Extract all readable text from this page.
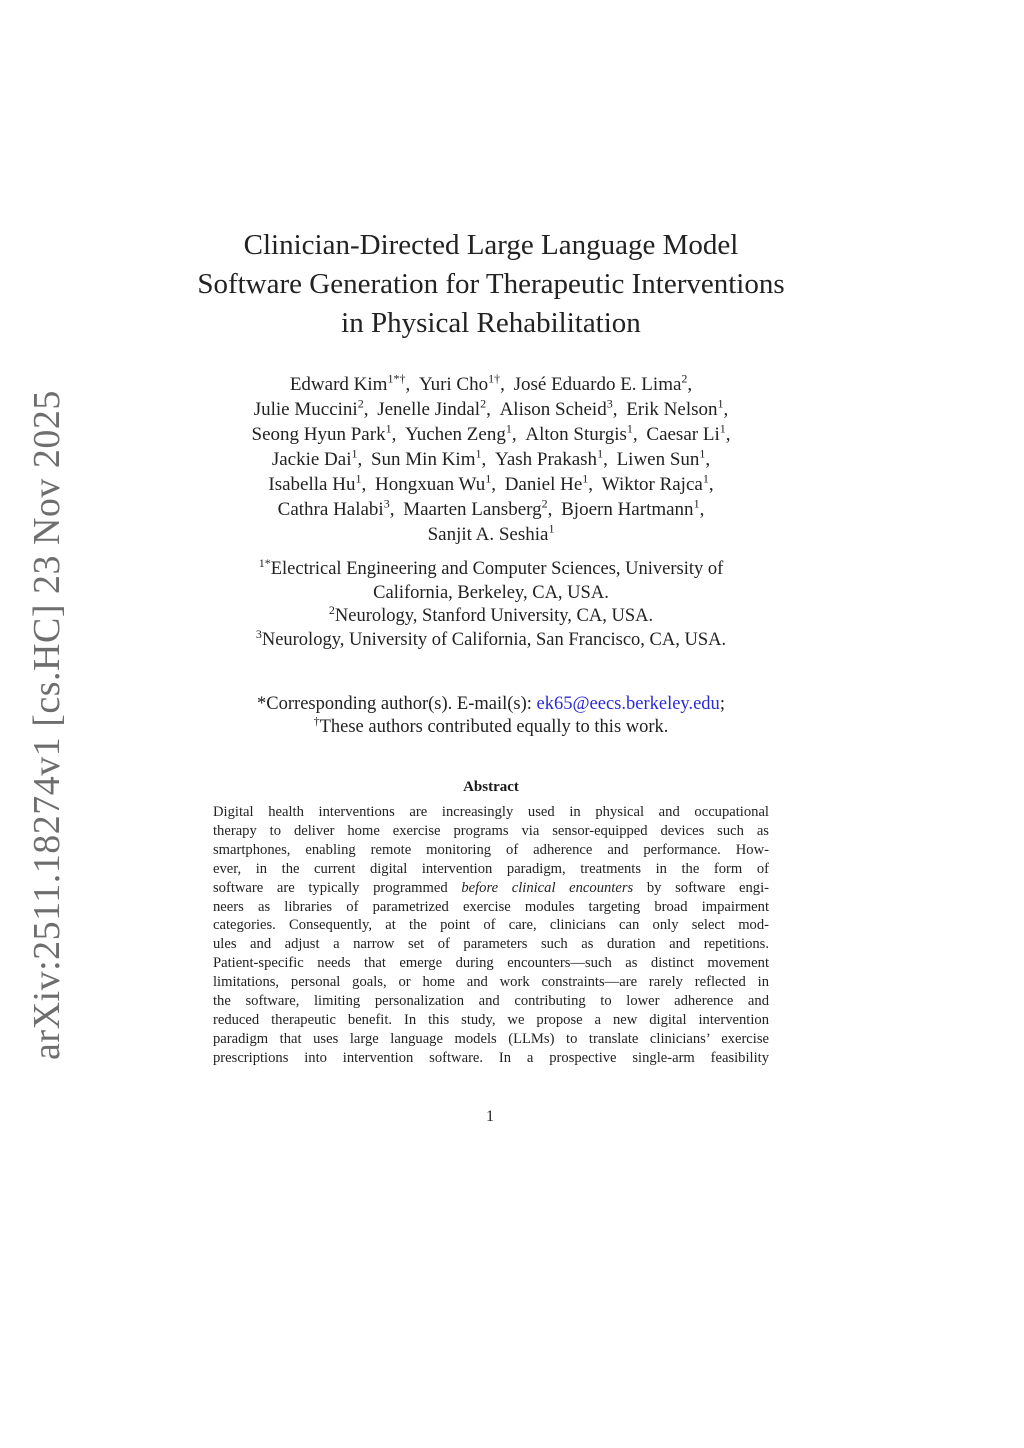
arXiv:2511.18274v1 [cs.HC] 23 Nov 2025
Clinician-Directed Large Language Model
Software Generation for Therapeutic Interventions
in Physical Rehabilitation
Edward Kim$^{1*\dagger}$, Yuri Cho$^{1\dagger}$, José Eduardo E. Lima$^2$,
Julie Muccini$^2$, Jenelle Jindal$^2$, Alison Scheid$^3$, Erik Nelson$^1$,
Seong Hyun Park$^1$, Yuchen Zeng$^1$, Alton Sturgis$^1$, Caesar Li$^1$,
Jackie Dai$^1$, Sun Min Kim$^1$, Yash Prakash$^1$, Liwen Sun$^1$,
Isabella Hu$^1$, Hongxuan Wu$^1$, Daniel He$^1$, Wiktor Rajca$^1$,
Cathra Halabi$^3$, Maarten Lansberg$^2$, Bjoern Hartmann$^1$,
Sanjit A. Seshia$^1$
$^{1*}$Electrical Engineering and Computer Sciences, University of
California, Berkeley, CA, USA.
$^2$Neurology, Stanford University, CA, USA.
$^3$Neurology, University of California, San Francisco, CA, USA.
*Corresponding author(s). E-mail(s): ek65@eecs.berkeley.edu;
†These authors contributed equally to this work.
Abstract
Digital health interventions are increasingly used in physical and occupational
therapy to deliver home exercise programs via sensor-equipped devices such as
smartphones, enabling remote monitoring of adherence and performance. How-
ever, in the current digital intervention paradigm, treatments in the form of
software are typically programmed before clinical encounters by software engi-
neers as libraries of parametrized exercise modules targeting broad impairment
categories. Consequently, at the point of care, clinicians can only select mod-
ules and adjust a narrow set of parameters such as duration and repetitions.
Patient-specific needs that emerge during encounters—such as distinct movement
limitations, personal goals, or home and work constraints—are rarely reflected in
the software, limiting personalization and contributing to lower adherence and
reduced therapeutic benefit. In this study, we propose a new digital intervention
paradigm that uses large language models (LLMs) to translate clinicians’ exercise
prescriptions into intervention software. In a prospective single-arm feasibility
1
